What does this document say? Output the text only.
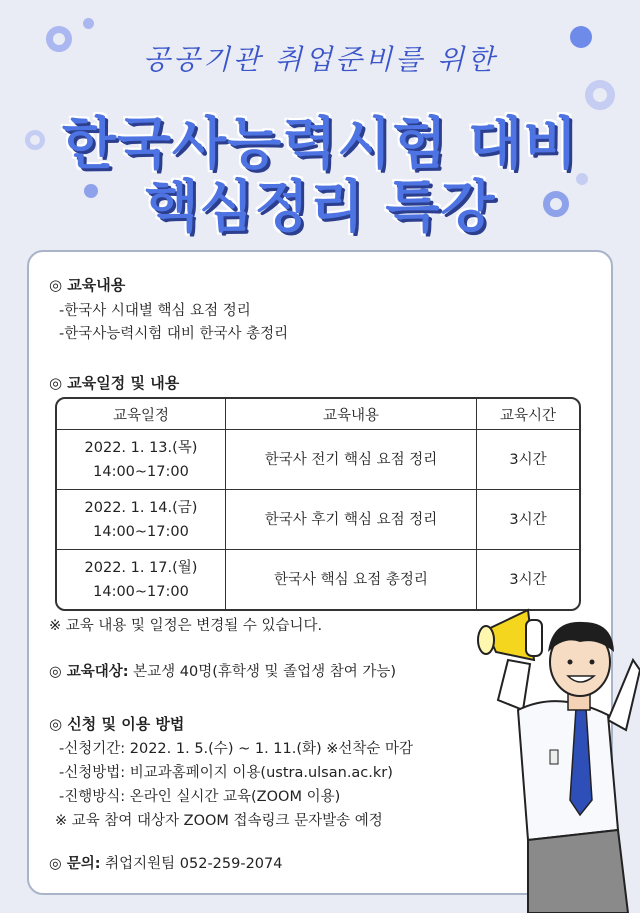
공공기관 취업준비를 위한
한국사능력시험 대비
핵심정리 특강
◎ 교육내용
-한국사 시대별 핵심 요점 정리
-한국사능력시험 대비 한국사 총정리
◎ 교육일정 및 내용
교육일정	교육내용	교육시간
2022. 1. 13.(목)
14:00~17:00	한국사 전기 핵심 요점 정리	3시간
2022. 1. 14.(금)
14:00~17:00	한국사 후기 핵심 요점 정리	3시간
2022. 1. 17.(월)
14:00~17:00	한국사 핵심 요점 총정리	3시간
※ 교육 내용 및 일정은 변경될 수 있습니다.
◎ 교육대상: 본교생 40명(휴학생 및 졸업생 참여 가능)
◎ 신청 및 이용 방법
-신청기간: 2022. 1. 5.(수) ~ 1. 11.(화) ※선착순 마감
-신청방법: 비교과홈페이지 이용(ustra.ulsan.ac.kr)
-진행방식: 온라인 실시간 교육(ZOOM 이용)
※ 교육 참여 대상자 ZOOM 접속링크 문자발송 예정
◎ 문의: 취업지원팀 052-259-2074
